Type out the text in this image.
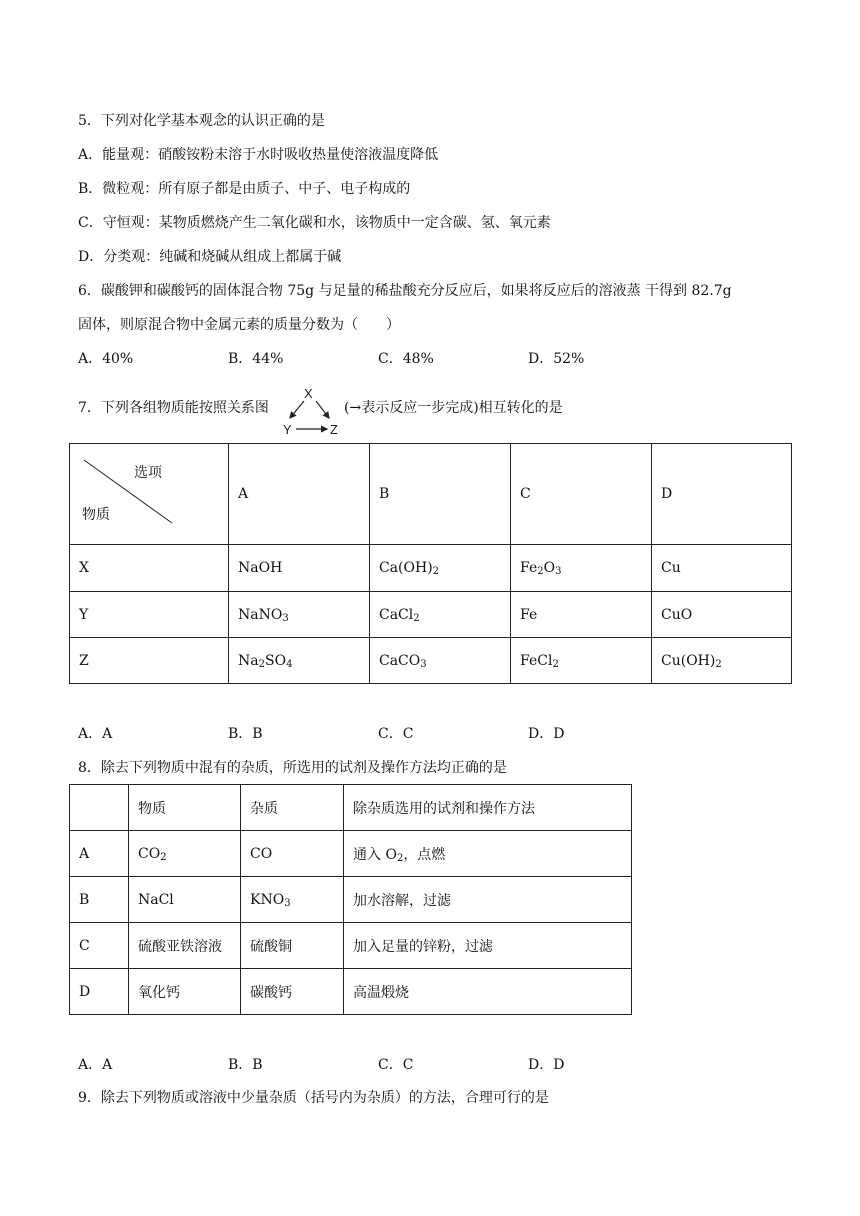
5．下列对化学基本观念的认识正确的是
A．能量观：硝酸铵粉末溶于水时吸收热量使溶液温度降低
B．微粒观：所有原子都是由质子、中子、电子构成的
C．守恒观：某物质燃烧产生二氧化碳和水，该物质中一定含碳、氢、氧元素
D．分类观：纯碱和烧碱从组成上都属于碱
6．碳酸钾和碳酸钙的固体混合物 75g 与足量的稀盐酸充分反应后，如果将反应后的溶液蒸 干得到 82.7g
固体，则原混合物中金属元素的质量分数为（　　）
A．40%	B．44%	C．48%	D．52%
7．下列各组物质能按照关系图
X
Y	Z
(→表示反应一步完成)相互转化的是
选项
物质	A	B	C	D
X	NaOH	$Ca(OH)_2$	$Fe_2O_3$	Cu
Y	NaNO$_3$	CaCl$_2$	Fe	CuO
Z	$Na_2SO_4$	CaCO$_3$	FeCl$_2$	$Cu(OH)_2$
A．A	B．B	C．C	D．D
8．除去下列物质中混有的杂质，所选用的试剂及操作方法均正确的是
	物质	杂质	除杂质选用的试剂和操作方法
A	$CO_2$	CO	通入 $O_2$，点燃
B	NaCl	$KNO_3$	加水溶解，过滤
C	硫酸亚铁溶液	硫酸铜	加入足量的锌粉，过滤
D	氧化钙	碳酸钙	高温煅烧
A．A	B．B	C．C	D．D
9．除去下列物质或溶液中少量杂质（括号内为杂质）的方法，合理可行的是
